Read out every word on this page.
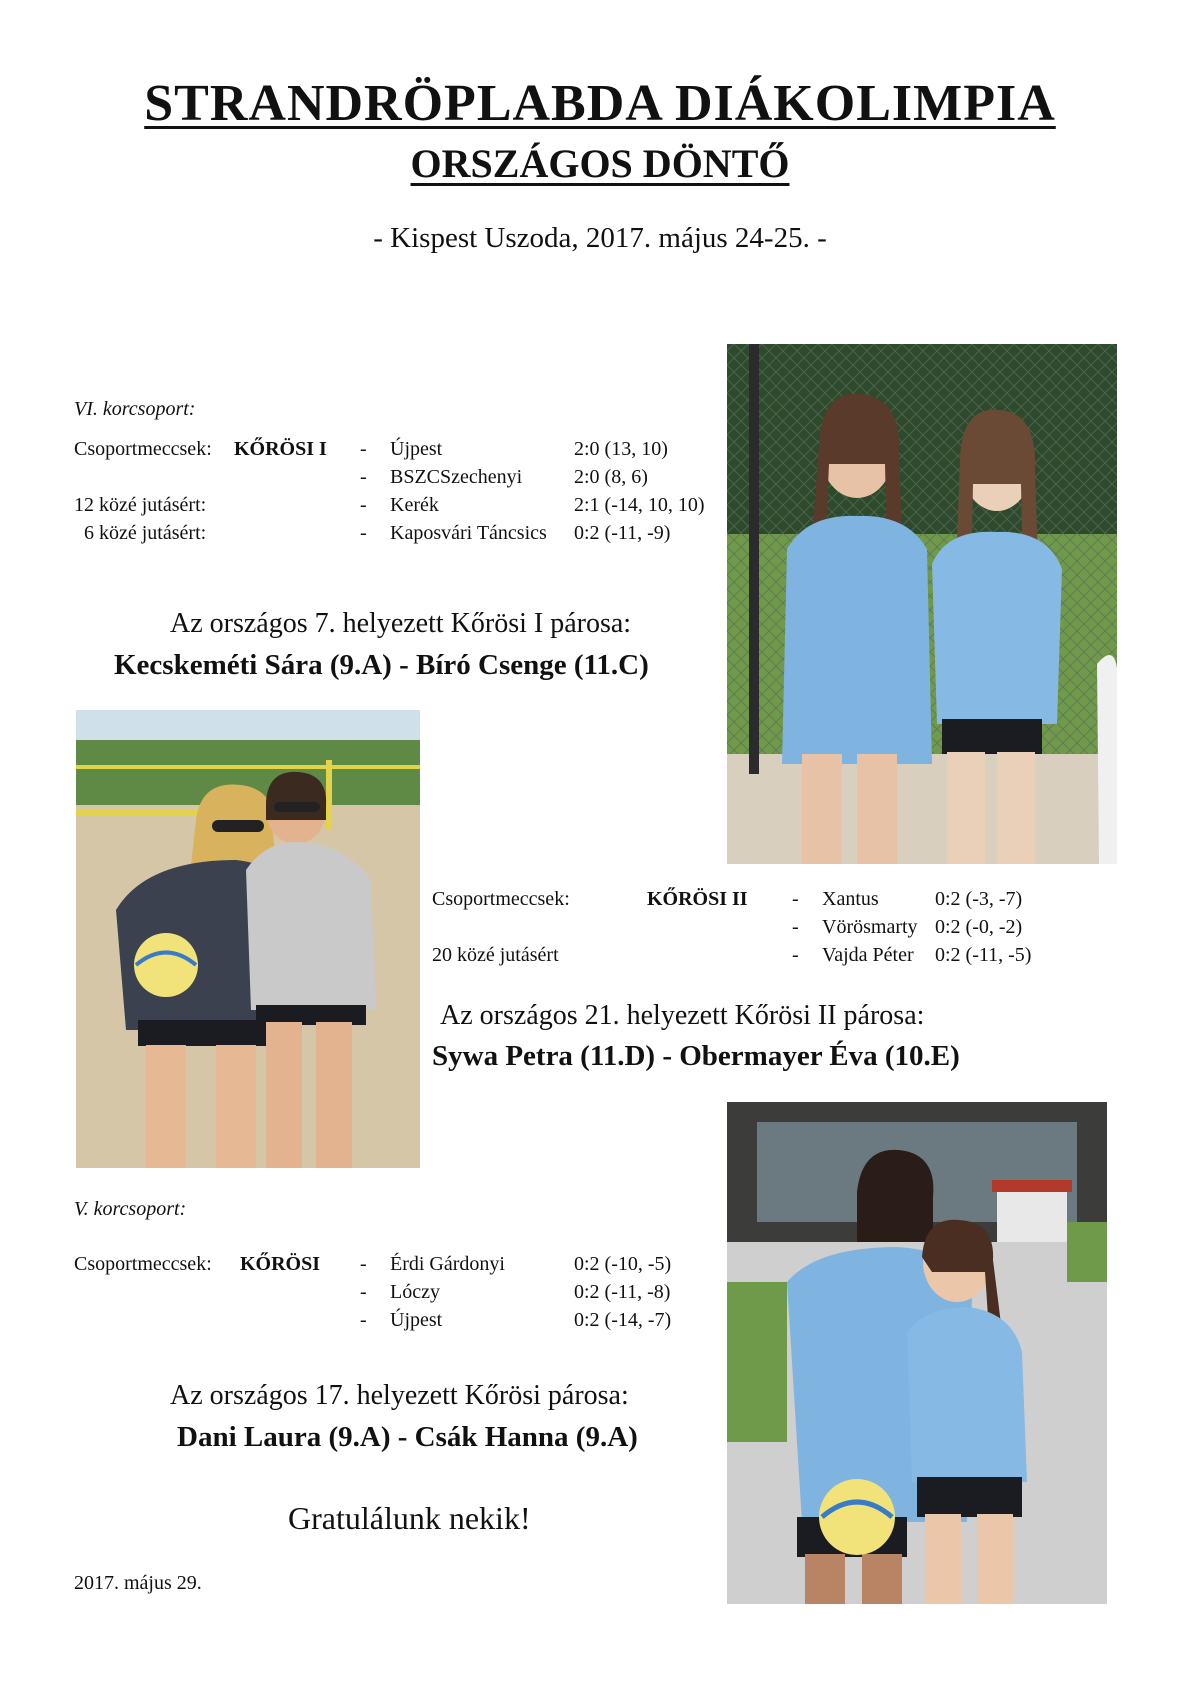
STRANDRÖPLABDA DIÁKOLIMPIA
ORSZÁGOS DÖNTŐ
- Kispest Uszoda, 2017. május 24-25. -
VI. korcsoport:
Csoportmeccsek: KŐRÖSI I - Újpest	2:0 (13, 10)
- BSZCSzechenyi	2:0 (8, 6)
12 közé jutásért:	- Kerék	2:1 (-14, 10, 10)
6 közé jutásért:	- Kaposvári Táncsics 0:2 (-11, -9)
Az országos 7. helyezett Kőrösi I párosa:
Kecskeméti Sára (9.A) - Bíró Csenge (11.C)
Csoportmeccsek:	KŐRÖSI II - Xantus	0:2 (-3, -7)
- Vörösmarty 0:2 (-0, -2)
20 közé jutásért	- Vajda Péter 0:2 (-11, -5)
Az országos 21. helyezett Kőrösi II párosa:
Sywa Petra (11.D) - Obermayer Éva (10.E)
V. korcsoport:
Csoportmeccsek: KŐRÖSI - Érdi Gárdonyi	0:2 (-10, -5)
- Lóczy	0:2 (-11, -8)
- Újpest	0:2 (-14, -7)
Az országos 17. helyezett Kőrösi párosa:
Dani Laura (9.A) - Csák Hanna (9.A)
Gratulálunk nekik!
2017. május 29.
